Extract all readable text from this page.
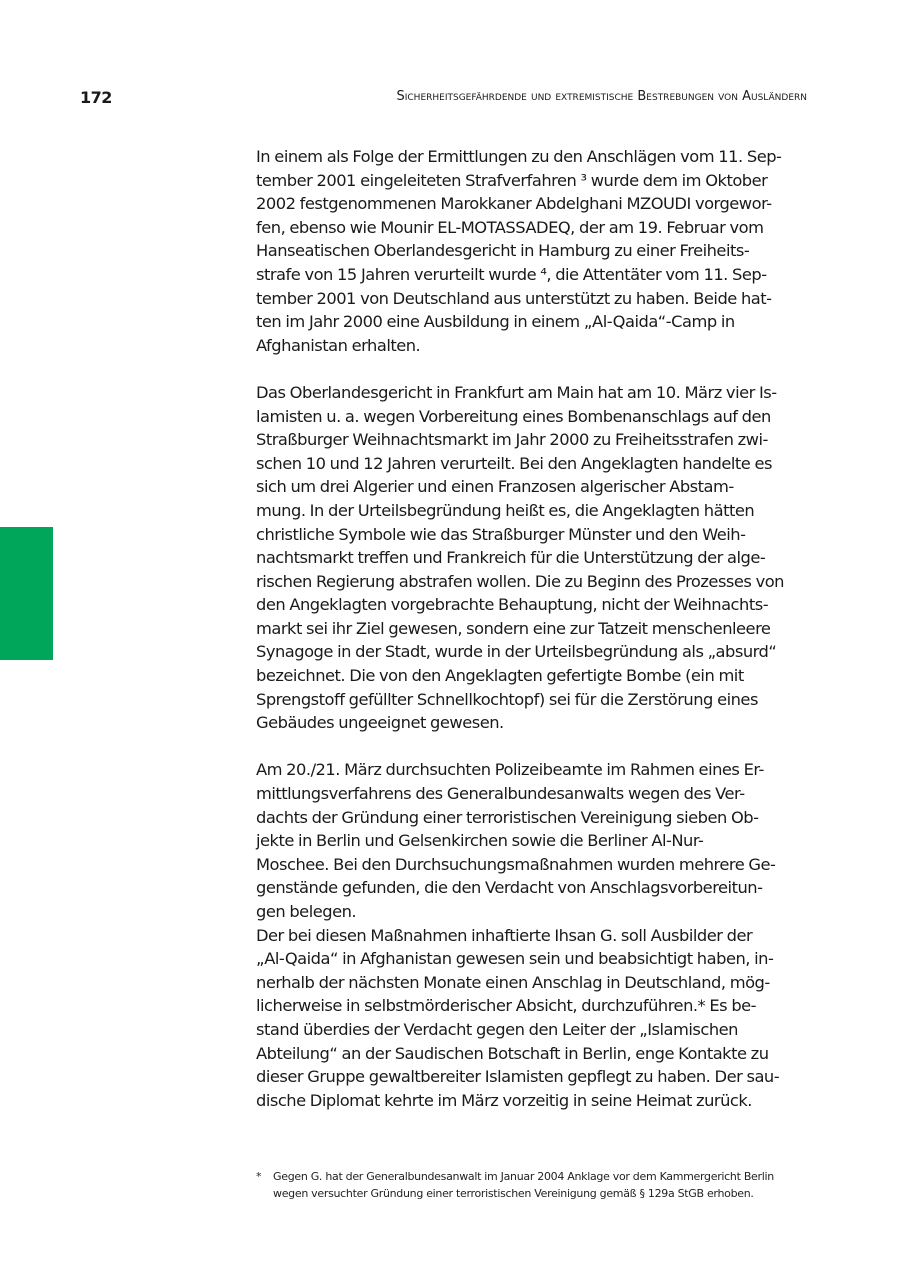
172	Sicherheitsgefährdende und extremistische Bestrebungen von Ausländern

In einem als Folge der Ermittlungen zu den Anschlägen vom 11. Sep-

tember 2001 eingeleiteten Strafverfahren ³ wurde dem im Oktober

2002 festgenommenen Marokkaner Abdelghani MZOUDI vorgewor-

fen, ebenso wie Mounir EL-MOTASSADEQ, der am 19. Februar vom

Hanseatischen Oberlandesgericht in Hamburg zu einer Freiheits-

strafe von 15 Jahren verurteilt wurde ⁴, die Attentäter vom 11. Sep-

tember 2001 von Deutschland aus unterstützt zu haben. Beide hat-

ten im Jahr 2000 eine Ausbildung in einem „Al-Qaida“-Camp in

Afghanistan erhalten.

Das Oberlandesgericht in Frankfurt am Main hat am 10. März vier Is-

lamisten u. a. wegen Vorbereitung eines Bombenanschlags auf den

Straßburger Weihnachtsmarkt im Jahr 2000 zu Freiheitsstrafen zwi-

schen 10 und 12 Jahren verurteilt. Bei den Angeklagten handelte es

sich um drei Algerier und einen Franzosen algerischer Abstam-

mung. In der Urteilsbegründung heißt es, die Angeklagten hätten

christliche Symbole wie das Straßburger Münster und den Weih-

nachtsmarkt treffen und Frankreich für die Unterstützung der alge-

rischen Regierung abstrafen wollen. Die zu Beginn des Prozesses von

den Angeklagten vorgebrachte Behauptung, nicht der Weihnachts-

markt sei ihr Ziel gewesen, sondern eine zur Tatzeit menschenleere

Synagoge in der Stadt, wurde in der Urteilsbegründung als „absurd“

bezeichnet. Die von den Angeklagten gefertigte Bombe (ein mit

Sprengstoff gefüllter Schnellkochtopf) sei für die Zerstörung eines

Gebäudes ungeeignet gewesen.

Am 20./21. März durchsuchten Polizeibeamte im Rahmen eines Er-

mittlungsverfahrens des Generalbundesanwalts wegen des Ver-

dachts der Gründung einer terroristischen Vereinigung sieben Ob-

jekte in Berlin und Gelsenkirchen sowie die Berliner Al-Nur-

Moschee. Bei den Durchsuchungsmaßnahmen wurden mehrere Ge-

genstände gefunden, die den Verdacht von Anschlagsvorbereitun-

gen belegen.

Der bei diesen Maßnahmen inhaftierte Ihsan G. soll Ausbilder der

„Al-Qaida“ in Afghanistan gewesen sein und beabsichtigt haben, in-

nerhalb der nächsten Monate einen Anschlag in Deutschland, mög-

licherweise in selbstmörderischer Absicht, durchzuführen.* Es be-

stand überdies der Verdacht gegen den Leiter der „Islamischen

Abteilung“ an der Saudischen Botschaft in Berlin, enge Kontakte zu

dieser Gruppe gewaltbereiter Islamisten gepflegt zu haben. Der sau-

dische Diplomat kehrte im März vorzeitig in seine Heimat zurück.

* Gegen G. hat der Generalbundesanwalt im Januar 2004 Anklage vor dem Kammergericht Berlin
wegen versuchter Gründung einer terroristischen Vereinigung gemäß § 129a StGB erhoben.
